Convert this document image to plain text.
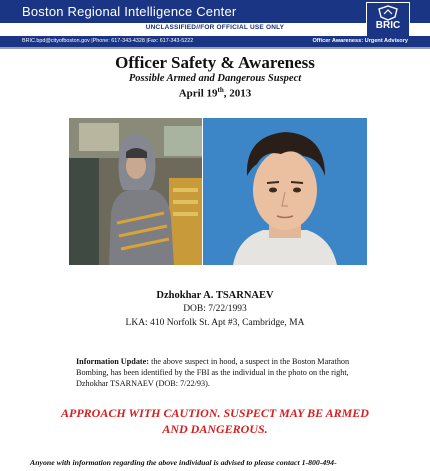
Boston Regional Intelligence Center
BRIC
UNCLASSIFIED//FOR OFFICIAL USE ONLY
BRIC.bpd@cityofboston.gov |Phone: 617-343-4328 |Fax: 617-343-5222	Officer Awareness: Urgent Advisory
Officer Safety & Awareness
Possible Armed and Dangerous Suspect
April 19th, 2013
Dzhokhar A. TSARNAEV
DOB: 7/22/1993
LKA: 410 Norfolk St. Apt #3, Cambridge, MA
Information Update: the above suspect in hood, a suspect in the Boston Marathon Bombing, has been identified by the FBI as the individual in the photo on the right, Dzhokhar TSARNAEV (DOB: 7/22/93).
APPROACH WITH CAUTION. SUSPECT MAY BE ARMED AND DANGEROUS.
Anyone with information regarding the above individual is advised to please contact 1-800-494-
